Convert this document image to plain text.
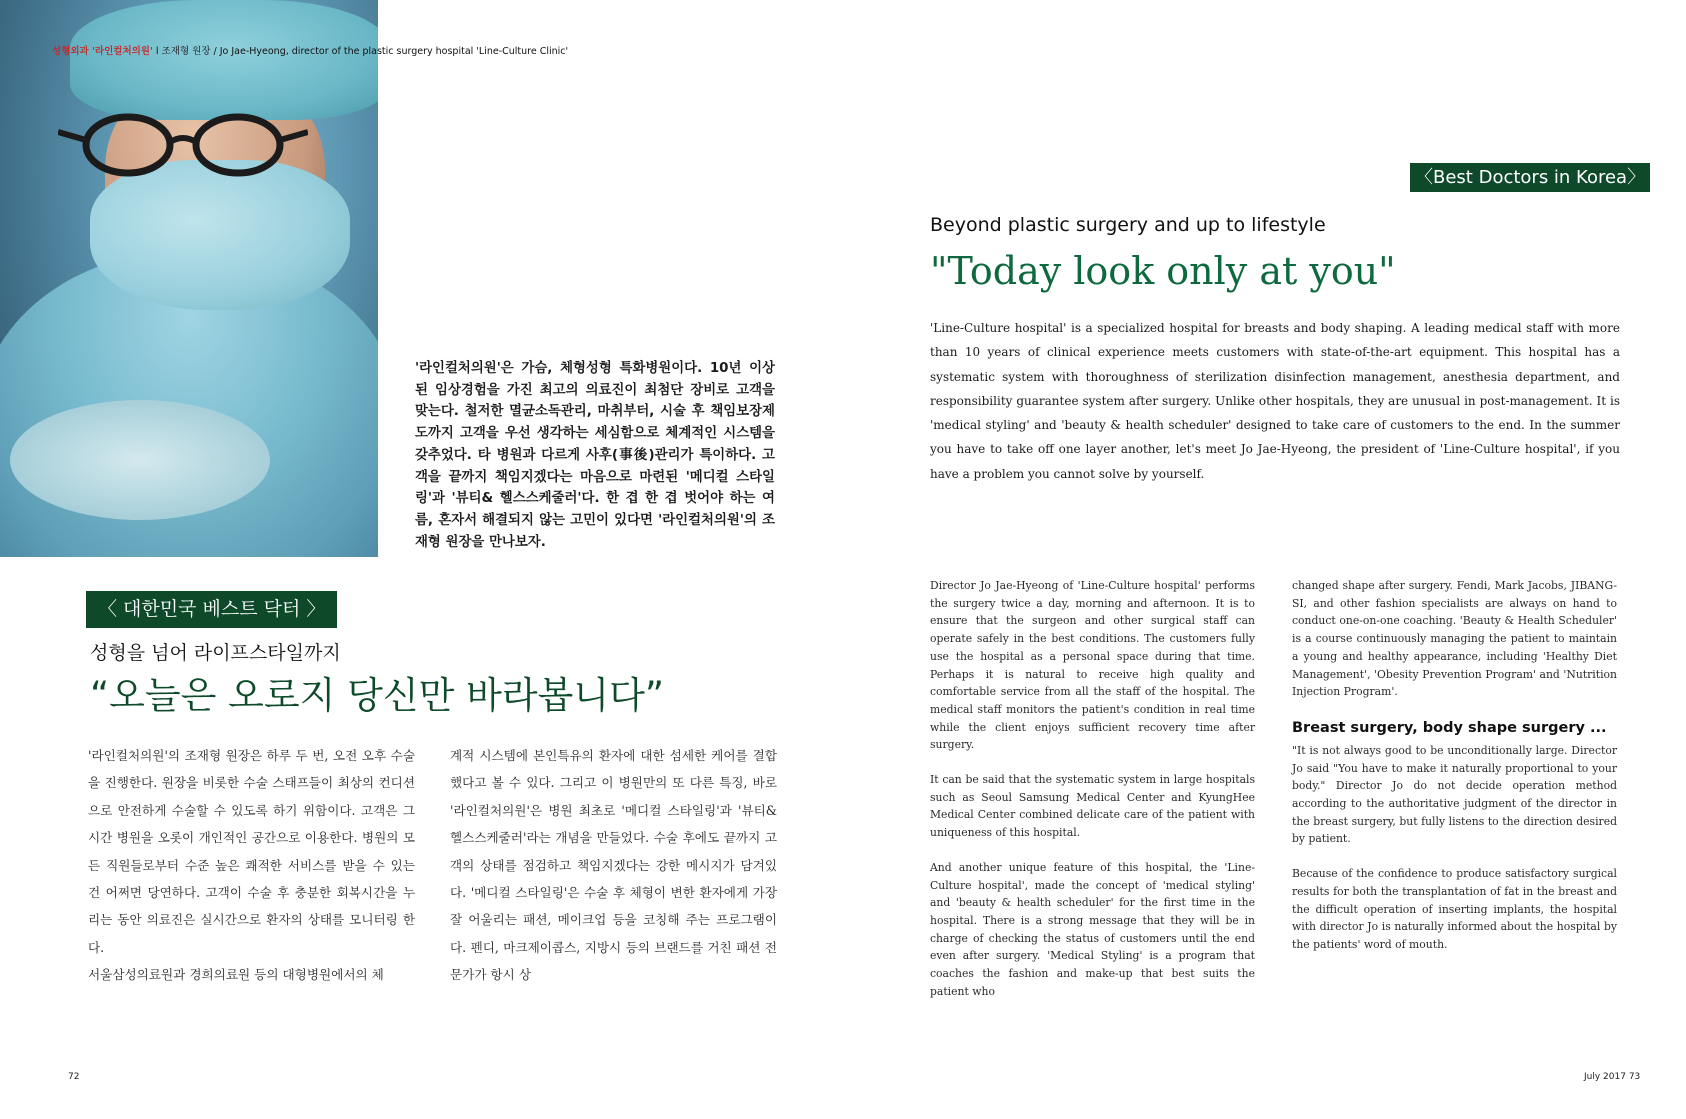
성형외과 '라인컬처의원' l 조재형 원장 / Jo Jae-Hyeong, director of the plastic surgery hospital 'Line-Culture Clinic'
'라인컬처의원'은 가슴, 체형성형 특화병원이다. 10년 이상 된 임상경험을 가진 최고의 의료진이 최첨단 장비로 고객을 맞는다. 철저한 멸균소독관리, 마취부터, 시술 후 책임보장제도까지 고객을 우선 생각하는 세심함으로 체계적인 시스템을 갖추었다. 타 병원과 다르게 사후(事後)관리가 특이하다. 고객을 끝까지 책임지겠다는 마음으로 마련된 '메디컬 스타일링'과 '뷰티& 헬스스케줄러'다. 한 겹 한 겹 벗어야 하는 여름, 혼자서 해결되지 않는 고민이 있다면 '라인컬처의원'의 조재형 원장을 만나보자.
〈 대한민국 베스트 닥터 〉
성형을 넘어 라이프스타일까지
“오늘은 오로지 당신만 바라봅니다”

'라인컬처의원'의 조재형 원장은 하루 두 번, 오전 오후 수술을 진행한다. 원장을 비롯한 수술 스태프들이 최상의 컨디션으로 안전하게 수술할 수 있도록 하기 위함이다. 고객은 그 시간 병원을 오롯이 개인적인 공간으로 이용한다. 병원의 모든 직원들로부터 수준 높은 쾌적한 서비스를 받을 수 있는 건 어쩌면 당연하다. 고객이 수술 후 충분한 회복시간을 누리는 동안 의료진은 실시간으로 환자의 상태를 모니터링 한다.

서울삼성의료원과 경희의료원 등의 대형병원에서의 체

계적 시스템에 본인특유의 환자에 대한 섬세한 케어를 결합했다고 볼 수 있다. 그리고 이 병원만의 또 다른 특징, 바로 '라인컬처의원'은 병원 최초로 '메디컬 스타일링'과 '뷰티&헬스스케줄러'라는 개념을 만들었다. 수술 후에도 끝까지 고객의 상태를 점검하고 책임지겠다는 강한 메시지가 담겨있다. '메디컬 스타일링'은 수술 후 체형이 변한 환자에게 가장 잘 어울리는 패션, 메이크업 등을 코칭해 주는 프로그램이다. 펜디, 마크제이콥스, 지방시 등의 브랜드를 거친 패션 전문가가 항시 상

72
〈Best Doctors in Korea〉
Beyond plastic surgery and up to lifestyle
"Today look only at you"
'Line-Culture hospital' is a specialized hospital for breasts and body shaping. A leading medical staff with more than 10 years of clinical experience meets customers with state-of-the-art equipment. This hospital has a systematic system with thoroughness of sterilization disinfection management, anesthesia department, and responsibility guarantee system after surgery. Unlike other hospitals, they are unusual in post-management. It is 'medical styling' and 'beauty & health scheduler' designed to take care of customers to the end. In the summer you have to take off one layer another, let's meet Jo Jae-Hyeong, the president of 'Line-Culture hospital', if you have a problem you cannot solve by yourself.

Director Jo Jae-Hyeong of 'Line-Culture hospital' performs the surgery twice a day, morning and afternoon. It is to ensure that the surgeon and other surgical staff can operate safely in the best conditions. The customers fully use the hospital as a personal space during that time. Perhaps it is natural to receive high quality and comfortable service from all the staff of the hospital. The medical staff monitors the patient's condition in real time while the client enjoys sufficient recovery time after surgery.

It can be said that the systematic system in large hospitals such as Seoul Samsung Medical Center and KyungHee Medical Center combined delicate care of the patient with uniqueness of this hospital.

And another unique feature of this hospital, the 'Line-Culture hospital', made the concept of 'medical styling' and 'beauty & health scheduler' for the first time in the hospital. There is a strong message that they will be in charge of checking the status of customers until the end even after surgery. 'Medical Styling' is a program that coaches the fashion and make-up that best suits the patient who

changed shape after surgery. Fendi, Mark Jacobs, JIBANG-SI, and other fashion specialists are always on hand to conduct one-on-one coaching. 'Beauty & Health Scheduler' is a course continuously managing the patient to maintain a young and healthy appearance, including 'Healthy Diet Management', 'Obesity Prevention Program' and 'Nutrition Injection Program'.

Breast surgery, body shape surgery ...

"It is not always good to be unconditionally large. Director Jo said "You have to make it naturally proportional to your body." Director Jo do not decide operation method according to the authoritative judgment of the director in the breast surgery, but fully listens to the direction desired by patient.

Because of the confidence to produce satisfactory surgical results for both the transplantation of fat in the breast and the difficult operation of inserting implants, the hospital with director Jo is naturally informed about the hospital by the patients' word of mouth.

July 2017 73
